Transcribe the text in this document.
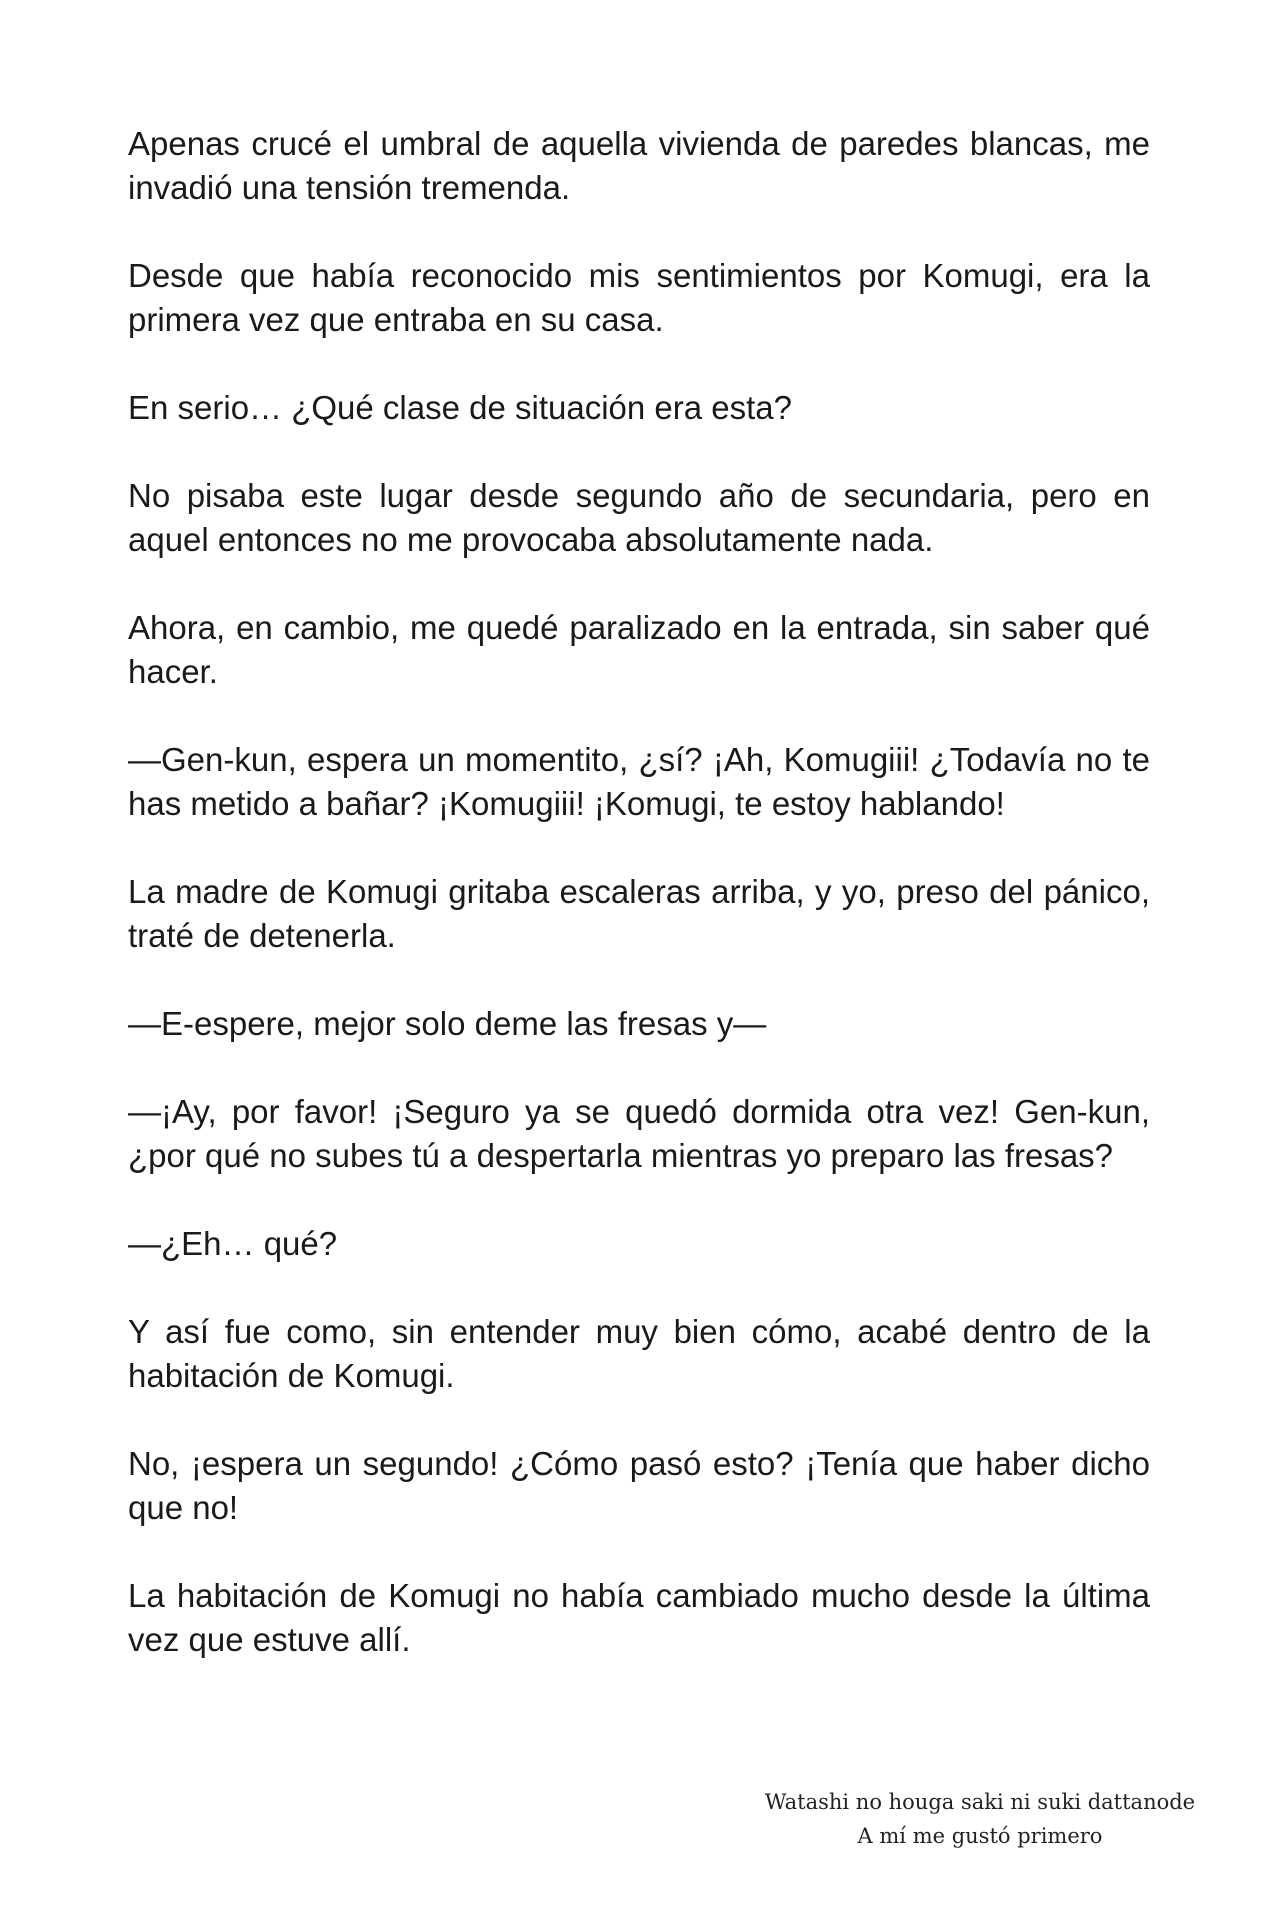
Apenas crucé el umbral de aquella vivienda de paredes blancas, me invadió una tensión tremenda.

Desde que había reconocido mis sentimientos por Komugi, era la primera vez que entraba en su casa.

En serio… ¿Qué clase de situación era esta?

No pisaba este lugar desde segundo año de secundaria, pero en aquel entonces no me provocaba absolutamente nada.

Ahora, en cambio, me quedé paralizado en la entrada, sin saber qué hacer.

—Gen-kun, espera un momentito, ¿sí? ¡Ah, Komugiii! ¿Todavía no te has metido a bañar? ¡Komugiii! ¡Komugi, te estoy hablando!

La madre de Komugi gritaba escaleras arriba, y yo, preso del pánico, traté de detenerla.

—E-espere, mejor solo deme las fresas y—

—¡Ay, por favor! ¡Seguro ya se quedó dormida otra vez! Gen-kun, ¿por qué no subes tú a despertarla mientras yo preparo las fresas?

—¿Eh… qué?

Y así fue como, sin entender muy bien cómo, acabé dentro de la habitación de Komugi.

No, ¡espera un segundo! ¿Cómo pasó esto? ¡Tenía que haber dicho que no!

La habitación de Komugi no había cambiado mucho desde la última vez que estuve allí.

Watashi no houga saki ni suki dattanode
A mí me gustó primero
